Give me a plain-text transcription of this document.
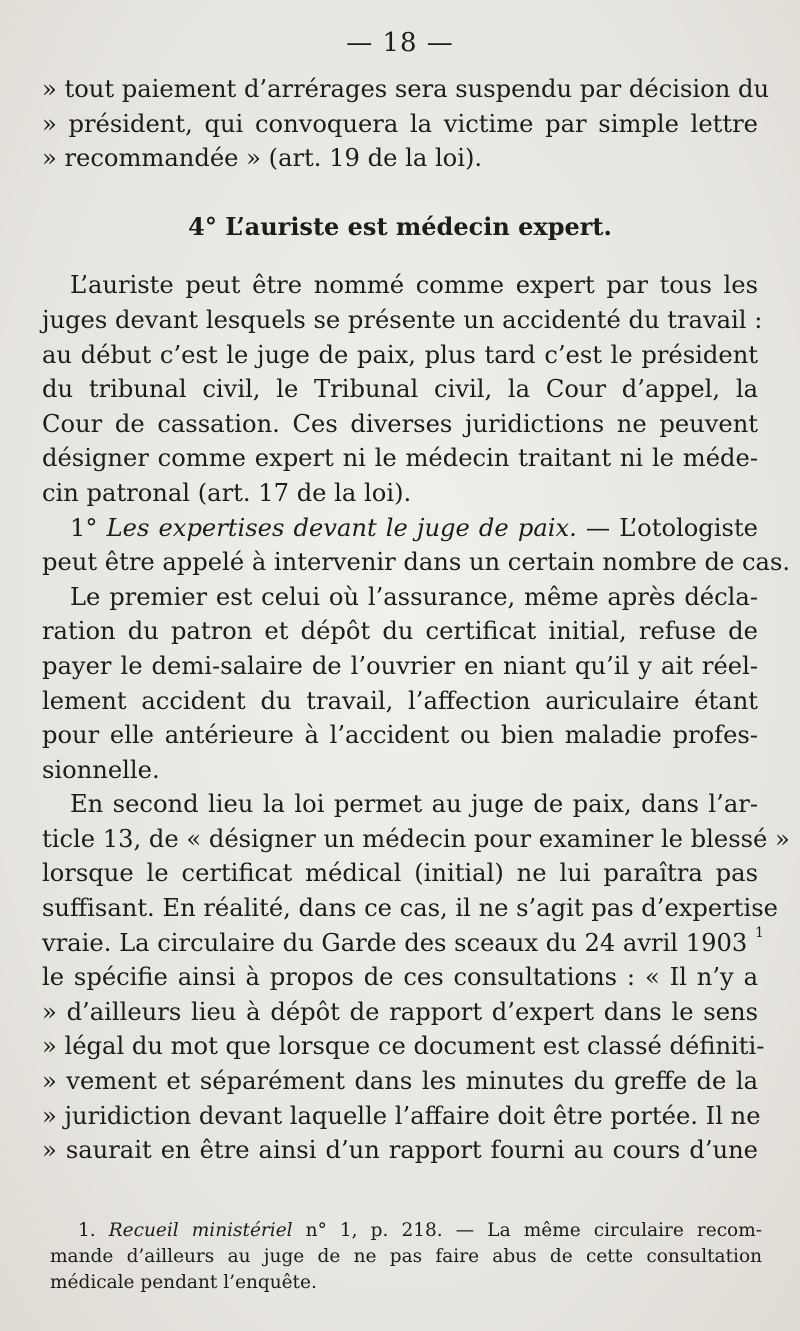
— 18 —
» tout paiement d’arrérages sera suspendu par décision du
» président, qui convoquera la victime par simple lettre
» recommandée » (art. 19 de la loi).
4° L’auriste est médecin expert.
L’auriste peut être nommé comme expert par tous les
juges devant lesquels se présente un accidenté du travail :
au début c’est le juge de paix, plus tard c’est le président
du tribunal civil, le Tribunal civil, la Cour d’appel, la
Cour de cassation. Ces diverses juridictions ne peuvent
désigner comme expert ni le médecin traitant ni le méde-
cin patronal (art. 17 de la loi).
1° Les expertises devant le juge de paix. — L’otologiste
peut être appelé à intervenir dans un certain nombre de cas.
Le premier est celui où l’assurance, même après décla-
ration du patron et dépôt du certificat initial, refuse de
payer le demi-salaire de l’ouvrier en niant qu’il y ait réel-
lement accident du travail, l’affection auriculaire étant
pour elle antérieure à l’accident ou bien maladie profes-
sionnelle.
En second lieu la loi permet au juge de paix, dans l’ar-
ticle 13, de « désigner un médecin pour examiner le blessé »
lorsque le certificat médical (initial) ne lui paraîtra pas
suffisant. En réalité, dans ce cas, il ne s’agit pas d’expertise
vraie. La circulaire du Garde des sceaux du 24 avril 1903 $^1$
le spécifie ainsi à propos de ces consultations : « Il n’y a
» d’ailleurs lieu à dépôt de rapport d’expert dans le sens
» légal du mot que lorsque ce document est classé définiti-
» vement et séparément dans les minutes du greffe de la
» juridiction devant laquelle l’affaire doit être portée. Il ne
» saurait en être ainsi d’un rapport fourni au cours d’une
1. Recueil ministériel n° 1, p. 218. — La même circulaire recom-
mande d’ailleurs au juge de ne pas faire abus de cette consultation
médicale pendant l’enquête.
